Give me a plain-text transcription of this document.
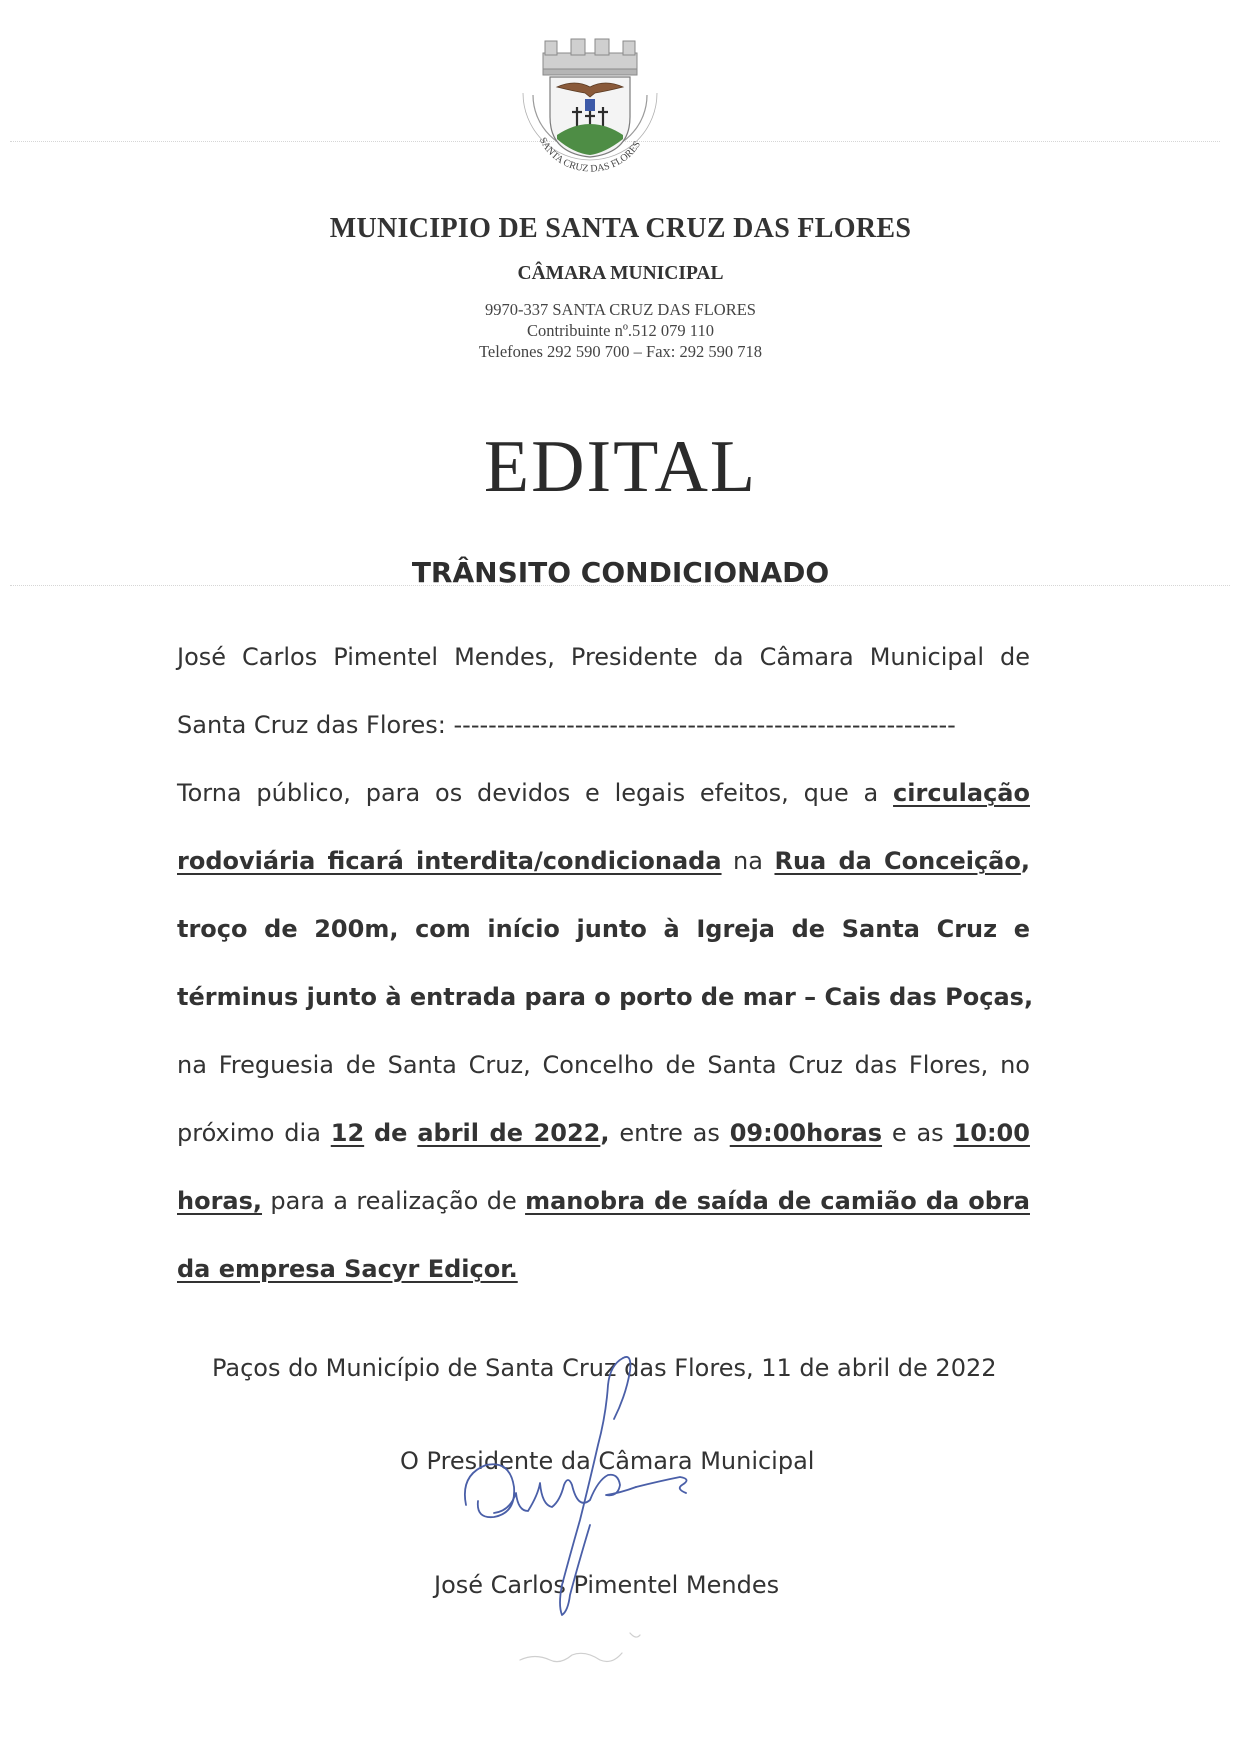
SANTA CRUZ DAS FLORES
MUNICIPIO DE SANTA CRUZ DAS FLORES
CÂMARA MUNICIPAL
9970-337 SANTA CRUZ DAS FLORES
Contribuinte nº.512 079 110
Telefones 292 590 700 – Fax: 292 590 718
EDITAL
TRÂNSITO CONDICIONADO
José Carlos Pimentel Mendes, Presidente da Câmara Municipal de
Santa Cruz das Flores: ----------------------------------------------------------
Torna público, para os devidos e legais efeitos, que a circulação
rodoviária ficará interdita/condicionada na Rua da Conceição,
troço de 200m, com início junto à Igreja de Santa Cruz e
términus junto à entrada para o porto de mar – Cais das Poças,
na Freguesia de Santa Cruz, Concelho de Santa Cruz das Flores, no
próximo dia 12 de abril de 2022, entre as 09:00horas e as 10:00
horas, para a realização de manobra de saída de camião da obra
da empresa Sacyr Ediçor.
Paços do Município de Santa Cruz das Flores, 11 de abril de 2022
O Presidente da Câmara Municipal
José Carlos Pimentel Mendes
